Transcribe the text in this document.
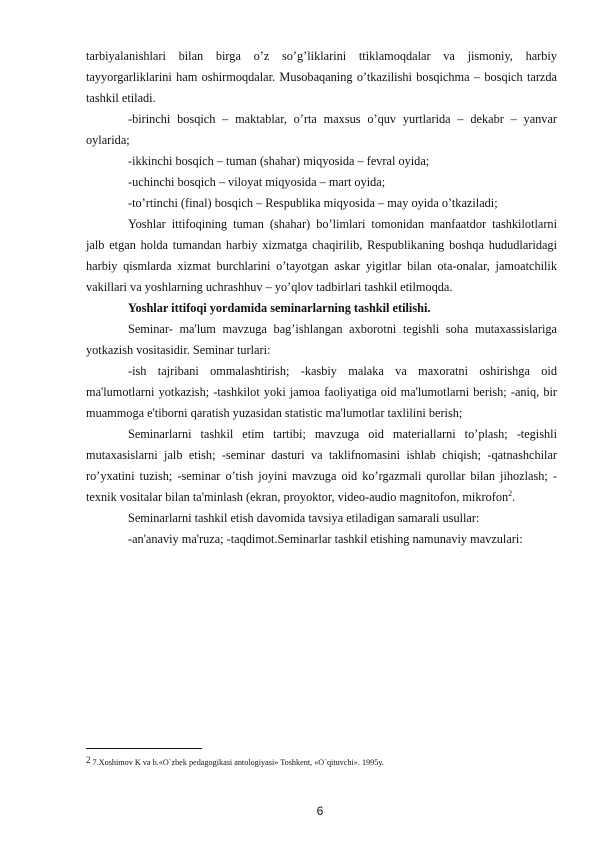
tarbiyalanishlari bilan birga o’z so’g’liklarini ttiklamoqdalar va jismoniy, harbiy tayyorgarliklarini ham oshirmoqdalar. Musobaqaning o’tkazilishi bosqichma – bosqich tarzda tashkil etiladi.

-birinchi bosqich – maktablar, o’rta maxsus o’quv yurtlarida – dekabr – yanvar oylarida;

-ikkinchi bosqich – tuman (shahar) miqyosida – fevral oyida;

-uchinchi bosqich – viloyat miqyosida – mart oyida;

-to’rtinchi (final) bosqich – Respublika miqyosida – may oyida o’tkaziladi;

Yoshlar ittifoqining tuman (shahar) bo’limlari tomonidan manfaatdor tashkilotlarni jalb etgan holda tumandan harbiy xizmatga chaqirilib, Respublikaning boshqa hududlaridagi harbiy qismlarda xizmat burchlarini o’tayotgan askar yigitlar bilan ota-onalar, jamoatchilik vakillari va yoshlarning uchrashhuv – yo’qlov tadbirlari tashkil etilmoqda.

Yoshlar ittifoqi yordamida seminarlarning tashkil etilishi.

Seminar- ma'lum mavzuga bag’ishlangan axborotni tegishli soha mutaxassislariga yotkazish vositasidir. Seminar turlari:

-ish tajribani ommalashtirish; -kasbiy malaka va maxoratni oshirishga oid ma'lumotlarni yotkazish; -tashkilot yoki jamoa faoliyatiga oid ma'lumotlarni berish; -aniq, bir muammoga e'tiborni qaratish yuzasidan statistic ma'lumotlar taxlilini berish;

Seminarlarni tashkil etim tartibi; mavzuga oid materiallarni to’plash; -tegishli mutaxasislarni jalb etish; -seminar dasturi va taklifnomasini ishlab chiqish; -qatnashchilar ro’yxatini tuzish; -seminar o’tish joyini mavzuga oid ko’rgazmali qurollar bilan jihozlash; -texnik vositalar bilan ta'minlash (ekran, proyoktor, video-audio magnitofon, mikrofon$^2$.

Seminarlarni tashkil etish davomida tavsiya etiladigan samarali usullar:

-an'anaviy ma'ruza; -taqdimot.Seminarlar tashkil etishing namunaviy mavzulari:

$^2$ 7.Xoshimov K va b.«O`zbek pedagogikasi antologiyasi» Toshkent, «O`qituvchi». 1995y.
6
